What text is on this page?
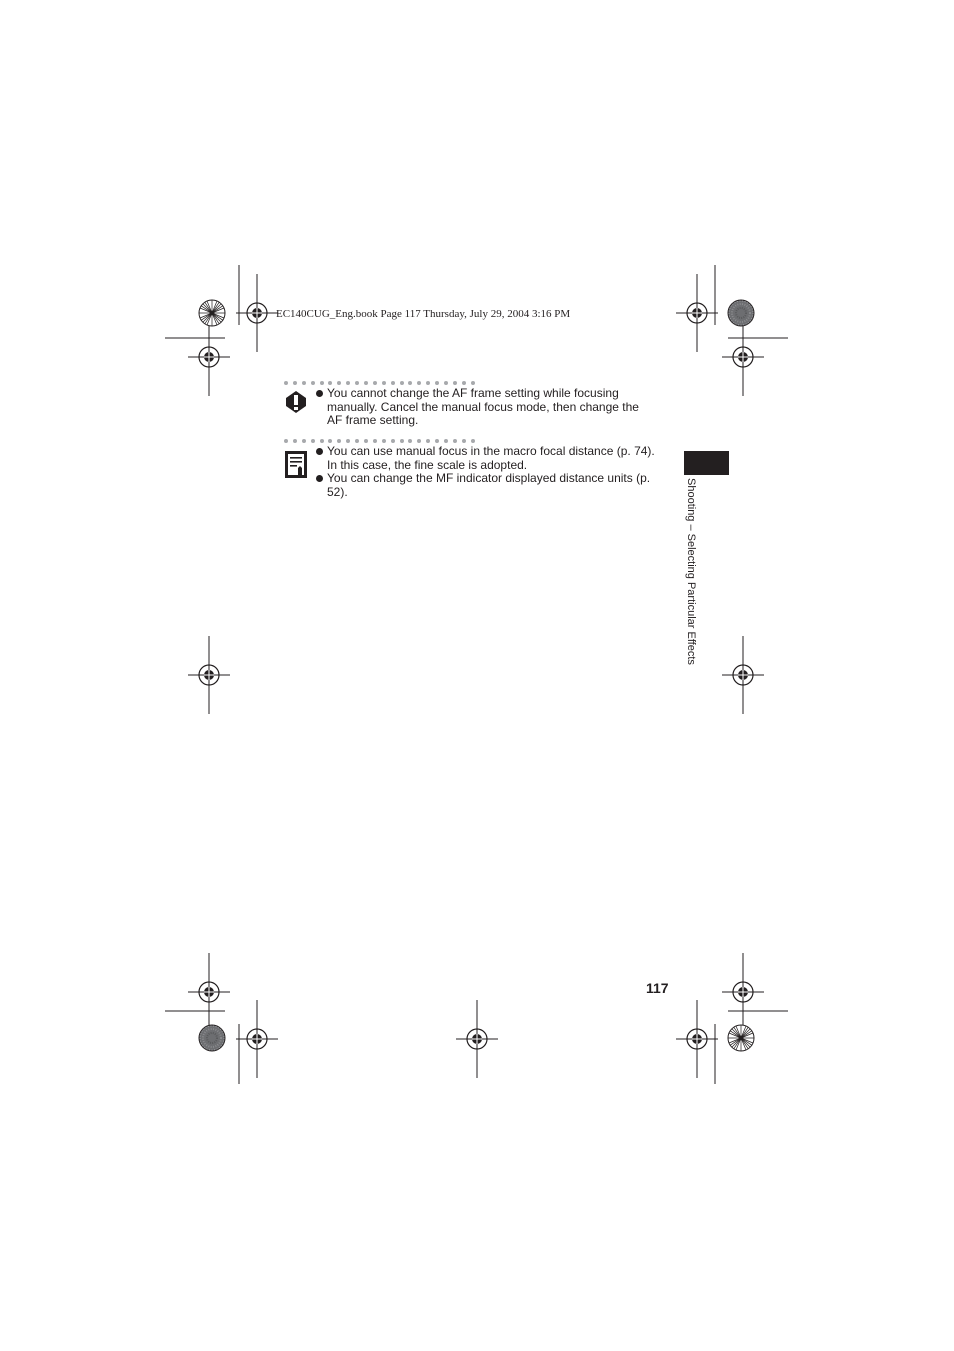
EC140CUG_Eng.book Page 117 Thursday, July 29, 2004 3:16 PM
You cannot change the AF frame setting while focusing manually. Cancel the manual focus mode, then change the AF frame setting.
You can use manual focus in the macro focal distance (p. 74). In this case, the fine scale is adopted.
You can change the MF indicator displayed distance units (p. 52).	Shooting – Selecting Particular Effects
117
